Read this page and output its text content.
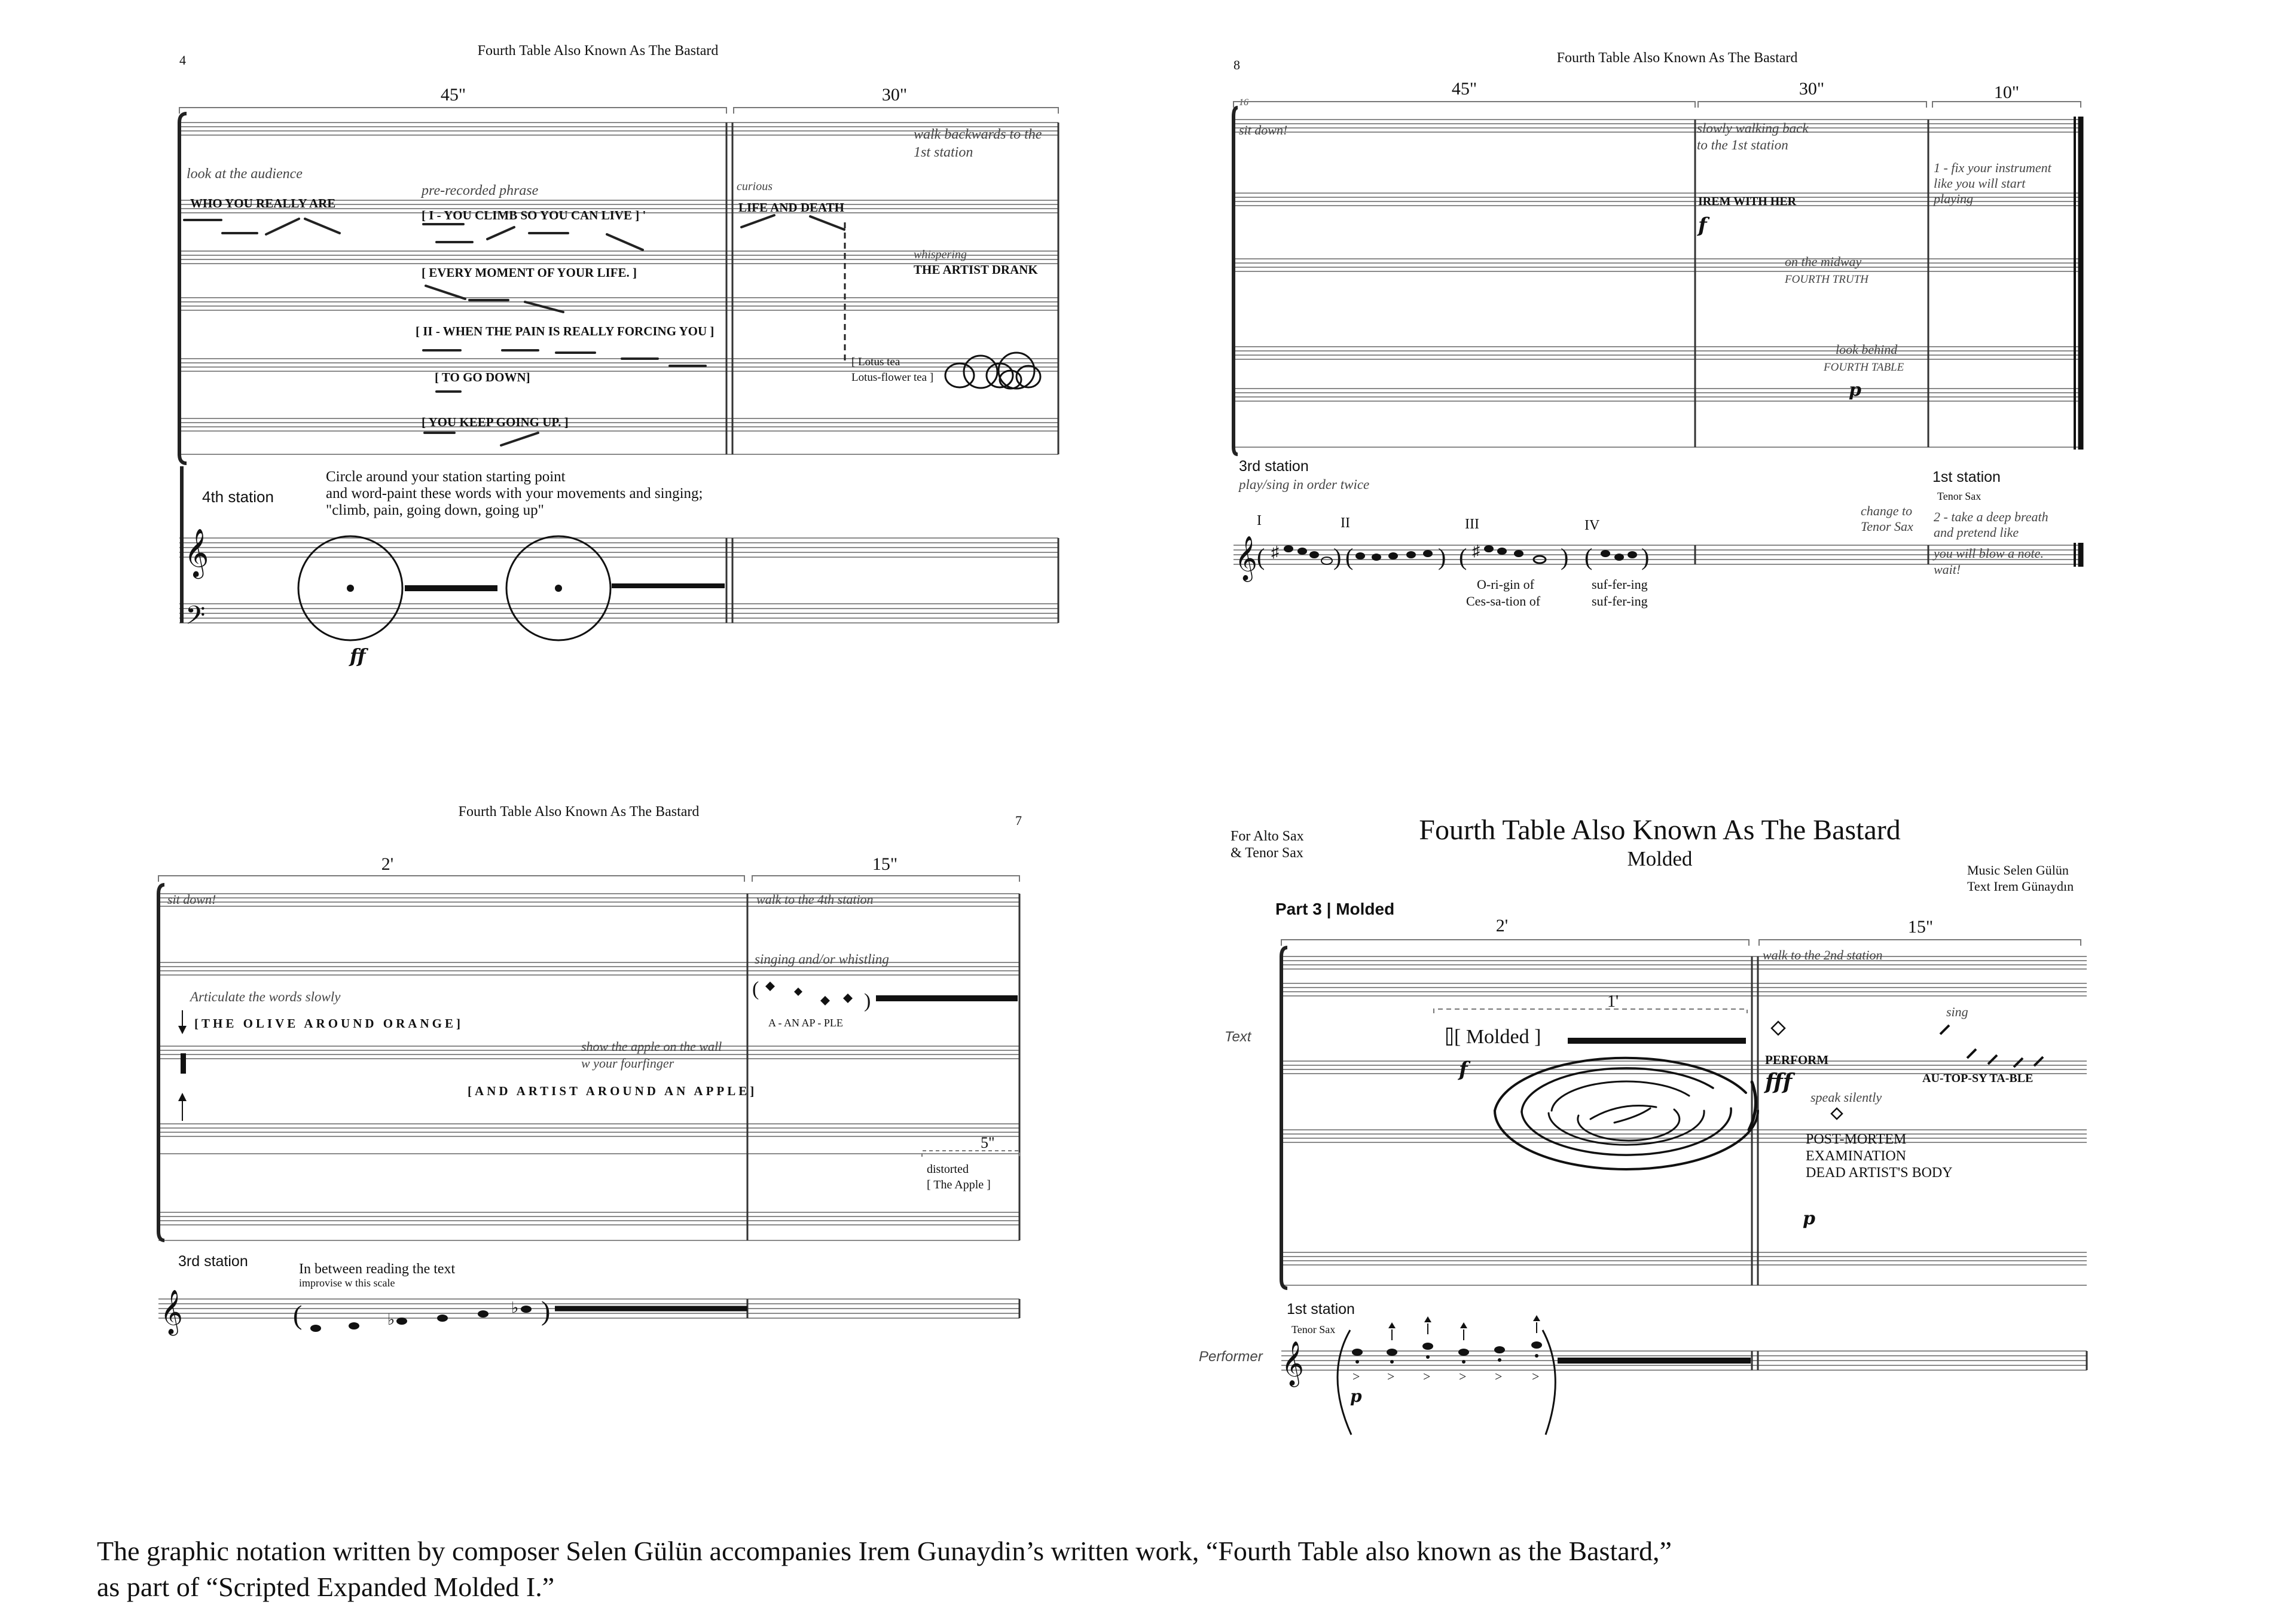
4
Fourth Table Also Known As The Bastard
45"	30"
look at the audience
WHO YOU REALLY ARE
pre-recorded phrase
[ I - YOU CLIMB SO YOU CAN LIVE ] '
[ EVERY MOMENT OF YOUR LIFE. ]
[ II - WHEN THE PAIN IS REALLY FORCING YOU ]
[ TO GO DOWN]
[ YOU KEEP GOING UP. ]
curious
LIFE AND DEATH
walk backwards to the
1st station
whispering
THE ARTIST DRANK
[ Lotus tea
Lotus-flower tea ]
4th station
Circle around your station starting point
and word-paint these words with your movements and singing;
"climb, pain, going down, going up"
𝄞
𝄢
ff
8	Fourth Table Also Known As The Bastard
16
45"	30"	10"
sit down!	slowly walking back
to the 1st station
IREM WITH HER
f
on the midway
FOURTH TRUTH
look behind
FOURTH TABLE
p
1 - fix your instrument
like you will start
playing
3rd station
play/sing in order twice
I	II	III	IV
𝄞 (	) (	) (	) ( )
♯	♯
O-ri-gin of
Ces-sa-tion of
suf-fer-ing
suf-fer-ing
change to
Tenor Sax
1st station
Tenor Sax
2 - take a deep breath
and pretend like
you will blow a note.
wait!
Fourth Table Also Known As The Bastard
7
2'	15"
sit down!	walk to the 4th station
Articulate the words slowly
[THE OLIVE AROUND ORANGE]
show the apple on the wall
w your fourfinger
[AND ARTIST AROUND AN APPLE]
singing and/or whistling
(
)
A - AN AP - PLE
5"
distorted
[ The Apple ]
3rd station	In between reading the text
improvise w this scale
𝄞	(	)
♭
♭
For Alto Sax
& Tenor Sax
Fourth Table Also Known As The Bastard
Molded	Music Selen Gülün
Text Irem Günaydın
Part 3 | Molded
2'	15"
Text
walk to the 2nd station
1'
[ Molded ]
f	PERFORM
fff
speak silently
POST-MORTEM
EXAMINATION
DEAD ARTIST'S BODY
p
sing
AU-TOP-SY TA-BLE
1st station
Tenor Sax
Performer 𝄞	> > > > > >
p
The graphic notation written by composer Selen Gülün accompanies Irem Gunaydin’s written work, “Fourth Table also known as the Bastard,”
as part of “Scripted Expanded Molded I.”
